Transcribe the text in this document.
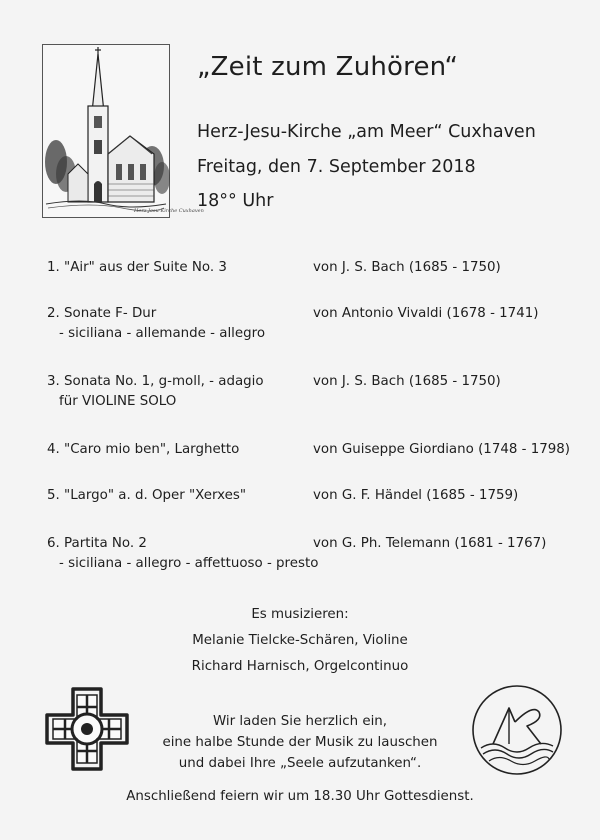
Herz-Jesu-Kirche Cuxhaven
„Zeit zum Zuhören“
Herz-Jesu-Kirche „am Meer“ Cuxhaven
Freitag, den 7. September 2018
18°° Uhr
1. "Air" aus der Suite No. 3	von J. S. Bach (1685 - 1750)
2. Sonate F- Dur	von Antonio Vivaldi (1678 - 1741)
- siciliana - allemande - allegro
3. Sonata No. 1, g-moll, - adagio	von J. S. Bach (1685 - 1750)
für VIOLINE SOLO
4. "Caro mio ben", Larghetto	von Guiseppe Giordiano (1748 - 1798)
5. "Largo" a. d. Oper "Xerxes"	von G. F. Händel (1685 - 1759)
6. Partita No. 2	von G. Ph. Telemann (1681 - 1767)
- siciliana - allegro - affettuoso - presto
Es musizieren:
Melanie Tielcke-Schären, Violine
Richard Harnisch, Orgelcontinuo
Wir laden Sie herzlich ein,
eine halbe Stunde der Musik zu lauschen
und dabei Ihre „Seele aufzutanken“.
Anschließend feiern wir um 18.30 Uhr Gottesdienst.
